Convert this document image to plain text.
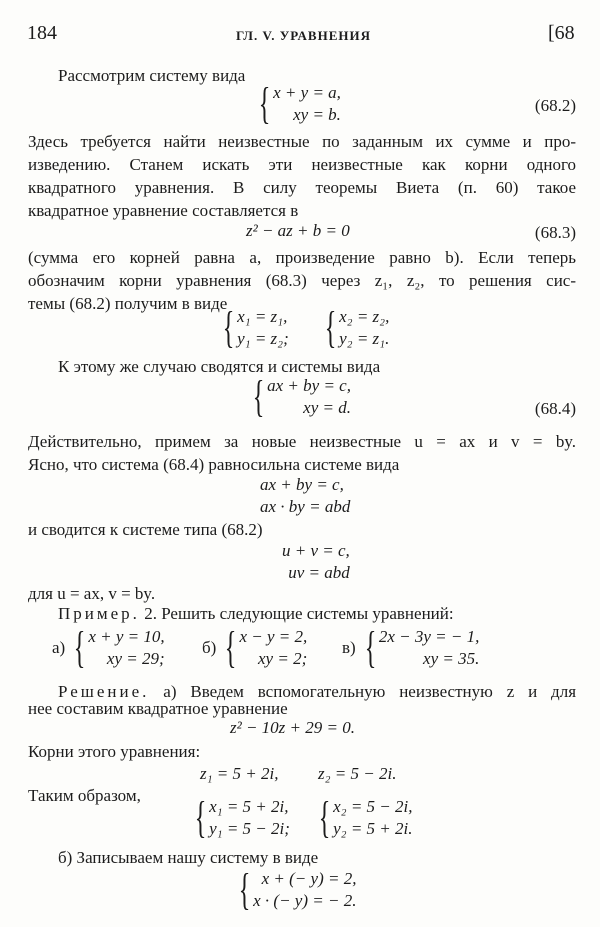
184	ГЛ. V. УРАВНЕНИЯ	[68
Рассмотрим систему вида
{ x + y = a,
xy = b.	(68.2)
Здесь требуется найти неизвестные по заданным их сумме и про-
изведению. Станем искать эти неизвестные как корни одного
квадратного уравнения. В силу теоремы Виета (п. 60) такое
квадратное уравнение составляется в
z² − az + b = 0	(68.3)
(сумма его корней равна a, произведение равно b). Если теперь
обозначим корни уравнения (68.3) через z₁, z₂, то решения сис-
темы (68.2) получим в виде
{ x₁ = z₁,
y₁ = z₂; { x₂ = z₂,
y₂ = z₁.
К этому же случаю сводятся и системы вида
{ ax + by = c,
xy = d.	(68.4)
Действительно, примем за новые неизвестные u = ax и v = by.
Ясно, что система (68.4) равносильна системе вида
ax + by = c,
ax · by = abd
и сводится к системе типа (68.2)
u + v = c,
uv = abd
для u = ax, v = by.
Пример. 2. Решить следующие системы уравнений:
а) { x + y = 10,
xy = 29;
б) { x − y = 2,
xy = 2;
в) { 2x − 3y = − 1,
xy = 35.
Решение. а) Введем вспомогательную неизвестную z и для
нее составим квадратное уравнение
z² − 10z + 29 = 0.
Корни этого уравнения:
z₁ = 5 + 2i, z₂ = 5 − 2i.
Таким образом,	{ x₁ = 5 + 2i,
y₁ = 5 − 2i; { x₂ = 5 − 2i,
y₂ = 5 + 2i.
б) Записываем нашу систему в виде
{ x + (− y) = 2,
x · (− y) = − 2.
